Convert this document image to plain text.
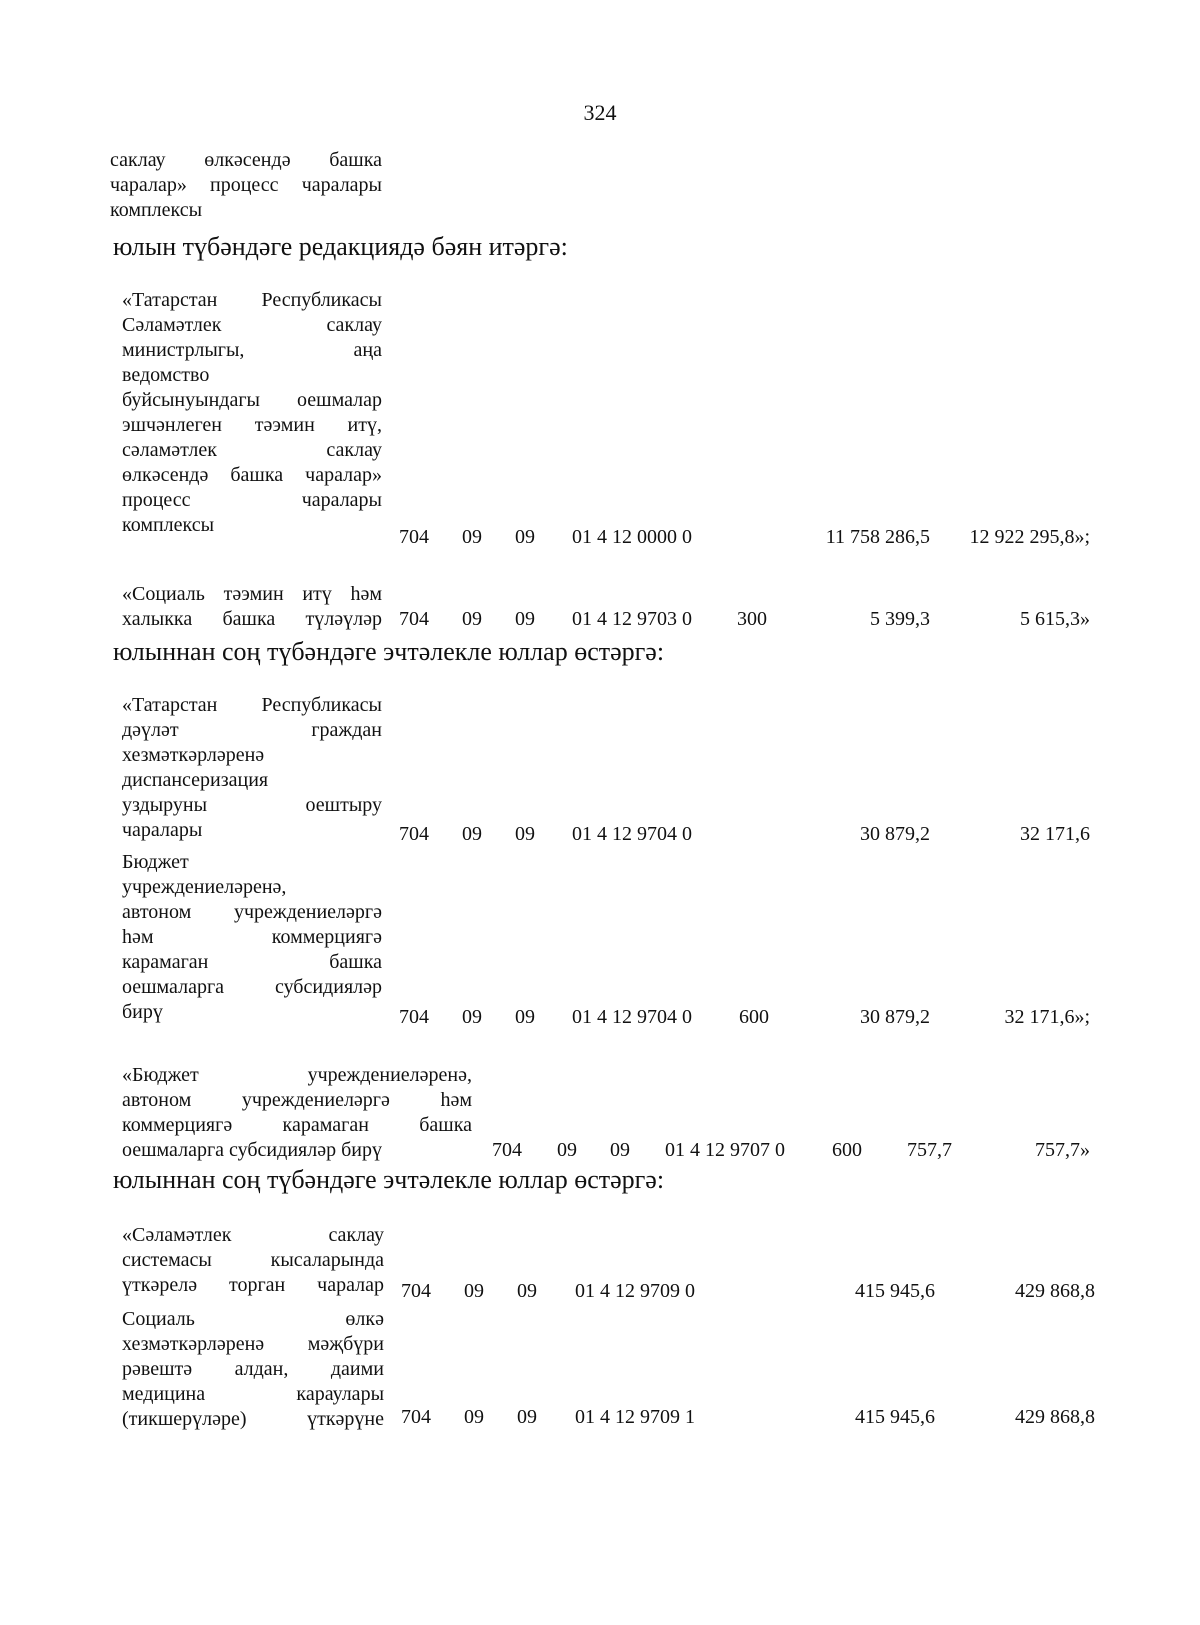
324
саклау өлкәсендә башка
чаралар» процесс чаралары
комплексы
юлын түбәндәге редакциядә бәян итәргә:
«Татарстан Республикасы
Сәламәтлек саклау
министрлыгы, аңа
ведомство
буйсынуындагы оешмалар
эшчәнлеген тәэмин итү,
сәламәтлек саклау
өлкәсендә башка чаралар»
процесс чаралары
комплексы
704 09 09 01 4 12 0000 0	11 758 286,5	12 922 295,8»;
«Социаль тәэмин итү һәм
халыкка башка түләүләр 704 09 09 01 4 12 9703 0 300	5 399,3	5 615,3»
юлыннан соң түбәндәге эчтәлекле юллар өстәргә:
«Татарстан Республикасы
дәүләт граждан
хезмәткәрләренә
диспансеризация
уздыруны оештыру
чаралары	704 09 09 01 4 12 9704 0	30 879,2	32 171,6
Бюджет
учреждениеләренә,
автоном учреждениеләргә
һәм коммерциягә
карамаган башка
оешмаларга субсидияләр
бирү	704 09 09 01 4 12 9704 0 600	30 879,2	32 171,6»;
«Бюджет учреждениеләренә,
автоном учреждениеләргә һәм
коммерциягә карамаган башка
оешмаларга субсидияләр бирү	704 09 09 01 4 12 9707 0 600	757,7	757,7»
юлыннан соң түбәндәге эчтәлекле юллар өстәргә:
«Сәламәтлек саклау
системасы кысаларында
үткәрелә торган чаралар 704 09 09 01 4 12 9709 0	415 945,6	429 868,8
Социаль өлкә
хезмәткәрләренә мәҗбүри
рәвештә алдан, даими
медицина караулары
(тикшерүләре) үткәрүне 704 09 09 01 4 12 9709 1	415 945,6	429 868,8
